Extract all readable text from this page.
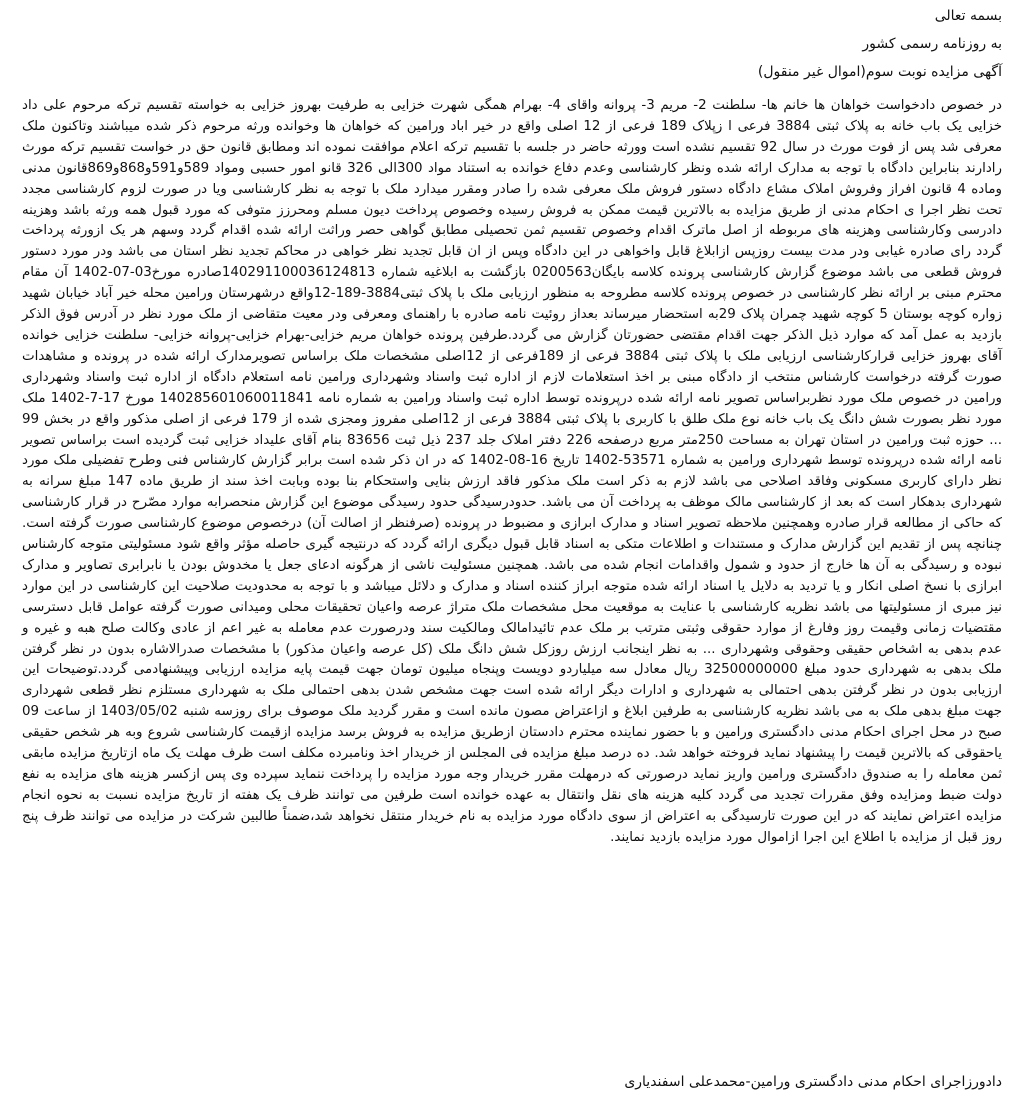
بسمه تعالی
به روزنامه رسمی کشور
آگهی مزایده نوبت سوم(اموال غیر منقول)

در خصوص دادخواست خواهان ها خانم ها- سلطنت 2- مریم 3- پروانه واقای 4- بهرام همگی شهرت خزایی به طرفیت بهروز خزایی به خواسته تقسیم ترکه مرحوم علی داد خزایی یک باب خانه به پلاک ثبتی 3884 فرعی ا زپلاک 189 فرعی از 12 اصلی واقع در خیر اباد ورامین که خواهان ها وخوانده ورثه مرحوم ذکر شده میباشند وتاکنون ملک معرفی شد پس از فوت مورث در سال 92 تقسیم نشده است وورثه حاضر در جلسه با تقسیم ترکه اعلام موافقت نموده اند ومطابق قانون حق در خواست تقسیم ترکه مورث رادارند بنابراین دادگاه با توجه به مدارک ارائه شده ونظر کارشناسی وعدم دفاع خوانده به استناد مواد 300الی 326 قانو امور حسبی ومواد 589و591و868و869قانون مدنی وماده 4 قانون افراز وفروش املاک مشاع دادگاه دستور فروش ملک معرفی شده را صادر ومقرر میدارد ملک با توجه به نظر کارشناسی ویا در صورت لزوم کارشناسی مجدد تحت نظر اجرا ی احکام مدنی از طریق مزایده به بالاترین قیمت ممکن به فروش رسیده وخصوص پرداخت دیون مسلم ومحرزز متوفی که مورد قبول همه ورثه باشد وهزینه دادرسی وکارشناسی وهزینه های مربوطه از اصل ماترک اقدام وخصوص تقسیم ثمن تحصیلی مطابق گواهی حصر وراثت ارائه شده اقدام گردد وسهم هر یک ازورثه پرداخت گردد رای صادره غیابی ودر مدت بیست روزپس ازابلاغ قابل واخواهی در این دادگاه وپس از ان قابل تجدید نظر خواهی در محاکم تجدید نظر استان می باشد ودر مورد دستور فروش قطعی می باشد موضوع گزارش کارشناسی پرونده کلاسه بایگان0200563 بازگشت به ابلاغیه شماره 140291100036124813صادره مورخ03-07-1402 آن مقام محترم مبنی بر ارائه نظر کارشناسی در خصوص پرونده کلاسه مطروحه به منظور ارزیابی ملک با پلاک ثبتی3884-189-12واقع درشهرستان ورامین محله خیر آباد خیابان شهید زواره کوچه بوستان 5 کوچه شهید چمران پلاک 29به استحضار میرساند بعداز روئیت نامه صادره با راهنمای ومعرفی ودر معیت متقاضی از ملک مورد نظر در آدرس فوق الذکر بازدید به عمل آمد که موارد ذیل الذکر جهت اقدام مقتضی حضورتان گزارش می گردد.طرفین پرونده خواهان مریم خزایی-بهرام خزایی-پروانه خزایی- سلطنت خزایی خوانده آقای بهروز خزایی قرارکارشناسی ارزیابی ملک با پلاک ثبتی 3884 فرعی از 189فرعی از 12اصلی مشخصات ملک براساس تصویرمدارک ارائه شده در پرونده و مشاهدات صورت گرفته درخواست کارشناس منتخب از دادگاه مبنی بر اخذ استعلامات لازم از اداره ثبت واسناد وشهرداری ورامین نامه استعلام دادگاه از اداره ثبت واسناد وشهرداری ورامین در خصوص ملک مورد نظربراساس تصویر نامه ارائه شده درپرونده توسط اداره ثبت واسناد ورامین به شماره نامه 140285601060011841 مورخ 17-7-1402 ملک مورد نظر بصورت شش دانگ یک باب خانه نوع ملک طلق با کاربری با پلاک ثبتی 3884 فرعی از 12اصلی مفروز ومجزی شده از 179 فرعی از اصلی مذکور واقع در بخش 99 ... حوزه ثبت ورامین در استان تهران به مساحت 250متر مربع درصفحه 226 دفتر املاک جلد 237 ذیل ثبت 83656 بنام آقای علیداد خزایی ثبت گردیده است براساس تصویر نامه ارائه شده درپرونده توسط شهرداری ورامین به شماره 53571-1402 تاریخ 16-08-1402 که در ان ذکر شده است برابر گزارش کارشناس فنی وطرح تفضیلی ملک مورد نظر دارای کاربری مسکونی وفاقد اصلاحی می باشد لازم به ذکر است ملک مذکور فاقد ارزش بنایی واستحکام بنا بوده وبابت اخذ سند از طریق ماده 147 مبلغ سرانه به شهرداری بدهکار است که بعد از کارشناسی مالک موظف به پرداخت آن می باشد. حدودرسیدگی حدود رسیدگی موضوع این گزارش منحصرابه موارد مصّرح در قرار کارشناسی که حاکی از مطالعه قرار صادره وهمچنین ملاحظه تصویر اسناد و مدارک ابرازی و مضبوط در پرونده (صرفنظر از اصالت آن) درخصوص موضوع کارشناسی صورت گرفته است. چنانچه پس از تقدیم این گزارش مدارک و مستندات و اطلاعات متکی به اسناد قابل قبول دیگری ارائه گردد که درنتیجه گیری حاصله مؤثر واقع شود مسئولیتی متوجه کارشناس نبوده و رسیدگی به آن ها خارج از حدود و شمول واقدامات انجام شده می باشد. همچنین مسئولیت ناشی از هرگونه ادعای جعل یا مخدوش بودن یا نابرابری تصاویر و مدارک ابرازی با نسخ اصلی انکار و یا تردید به دلایل یا اسناد ارائه شده متوجه ابراز کننده اسناد و مدارک و دلائل میباشد و با توجه به محدودیت صلاحیت این کارشناسی در این موارد نیز مبری از مسئولیتها می باشد نظریه کارشناسی با عنایت به موقعیت محل مشخصات ملک متراژ عرصه واعیان تحقیقات محلی ومیدانی صورت گرفته عوامل قابل دسترسی مقتضیات زمانی وقیمت روز وفارغ از موارد حقوقی وثبتی مترتب بر ملک عدم تائیدامالک ومالکیت سند ودرصورت عدم معامله به غیر اعم از عادی وکالت صلح هبه و غیره و عدم بدهی به اشخاص حقیقی وحقوقی وشهرداری ... به نظر اینجانب ارزش روزکل شش دانگ ملک (کل عرصه واعیان مذکور) با مشخصات صدرالاشاره بدون در نظر گرفتن ملک بدهی به شهرداری حدود مبلغ 32500000000 ریال معادل سه میلیاردو دویست وپنجاه میلیون تومان جهت قیمت پایه مزایده ارزیابی وپیشنهادمی گردد.توضیحات این ارزیابی بدون در نظر گرفتن بدهی احتمالی به شهرداری و ادارات دیگر ارائه شده است جهت مشخص شدن بدهی احتمالی ملک به شهرداری مستلزم نظر قطعی شهرداری جهت مبلغ بدهی ملک به می باشد نظریه کارشناسی به طرفین ابلاغ و ازاعتراض مصون مانده است و مقرر گردید ملک موصوف برای روزسه شنبه 1403/05/02 از ساعت 09 صبح در محل اجرای احکام مدنی دادگستری ورامین و با حضور نماینده محترم دادستان ازطریق مزایده به فروش برسد مزایده ازقیمت کارشناسی شروع وبه هر شخص حقیقی یاحقوقی که بالاترین قیمت را پیشنهاد نماید فروخته خواهد شد. ده درصد مبلغ مزایده فی المجلس از خریدار اخذ ونامبرده مکلف است ظرف مهلت یک ماه ازتاریخ مزایده مابقی ثمن معامله را به صندوق دادگستری ورامین واریز نماید درصورتی که درمهلت مقرر خریدار وجه مورد مزایده را پرداخت ننماید سپرده وی پس ازکسر هزینه های مزایده به نفع دولت ضبط ومزایده وفق مقررات تجدید می گردد کلیه هزینه های نقل وانتقال به عهده خوانده است طرفین می توانند ظرف یک هفته از تاریخ مزایده نسبت به نحوه انجام مزایده اعتراض نمایند که در این صورت تارسیدگی به اعتراض از سوی دادگاه مورد مزایده به نام خریدار منتقل نخواهد شد،ضمناً طالبین شرکت در مزایده می توانند ظرف پنج روز قبل از مزایده با اطلاع این اجرا ازاموال مورد مزایده بازدید نمایند.

دادورزاجرای احکام مدنی دادگستری ورامین-محمدعلی اسفندیاری
